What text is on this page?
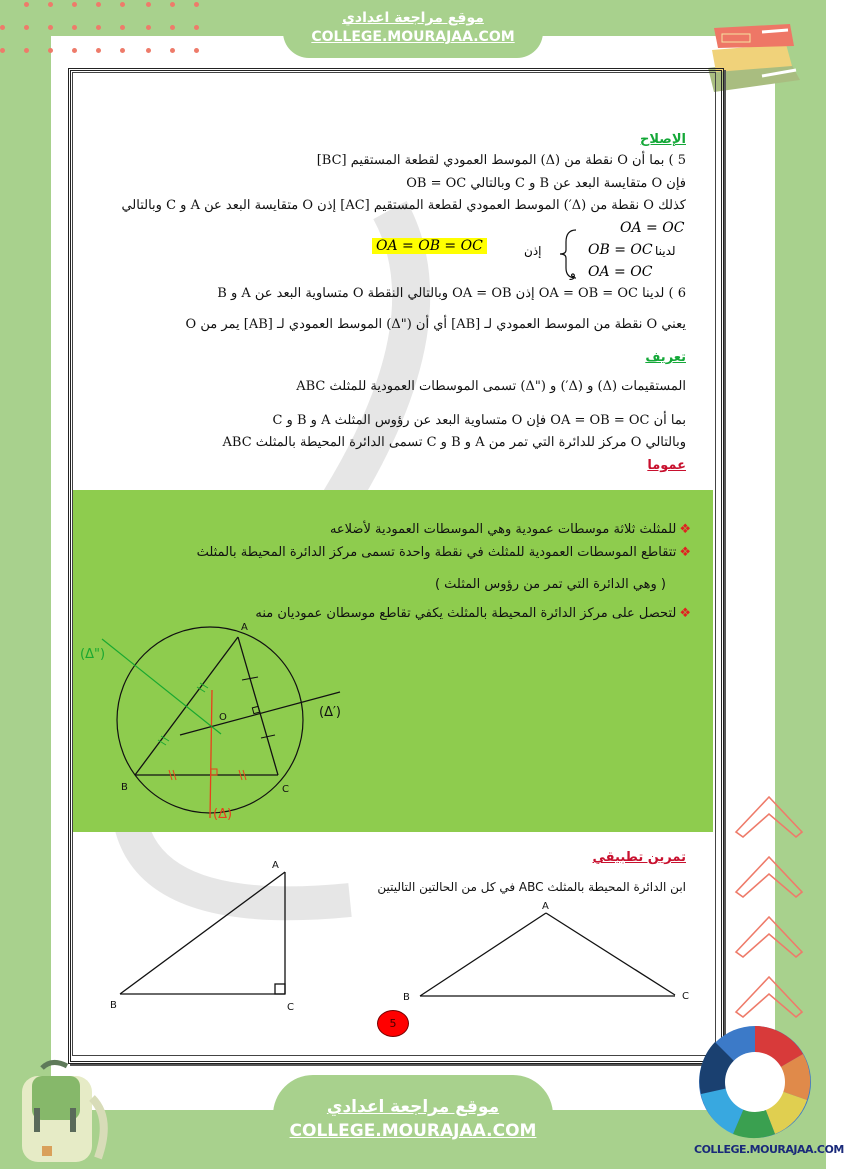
موقع مراجعة اعدادي
COLLEGE.MOURAJAA.COM
الإصلاح
5 ) بما أن O نقطة من (Δ) الموسط العمودي لقطعة المستقيم [BC]
فإن O متقايسة البعد عن B و C وبالتالي OB = OC
كذلك O نقطة من (Δ′) الموسط العمودي لقطعة المستقيم [AC] إذن O متقايسة البعد عن A و C وبالتالي
OA = OC
لدينا
OB = OC
و OA = OC
إذن
OA = OB = OC
6 ) لدينا OA = OB = OC إذن OA = OB وبالتالي النقطة O متساوية البعد عن A و B
يعني O نقطة من الموسط العمودي لـ [AB] أي أن ("Δ) الموسط العمودي لـ [AB] يمر من O
تعريف
المستقيمات (Δ) و (Δ′) و ("Δ) تسمى الموسطات العمودية للمثلث ABC
بما أن OA = OB = OC فإن O متساوية البعد عن رؤوس المثلث A و B و C
وبالتالي O مركز للدائرة التي تمر من A و B و C تسمى الدائرة المحيطة بالمثلث ABC
عموما
❖للمثلث ثلاثة موسطات عمودية وهي الموسطات العمودية لأضلاعه
❖تتقاطع الموسطات العمودية للمثلث في نقطة واحدة تسمى مركز الدائرة المحيطة بالمثلث
( وهي الدائرة التي تمر من رؤوس المثلث )
❖لتحصل على مركز الدائرة المحيطة بالمثلث يكفي تقاطع موسطان عموديان منه
A
B	C
O
(Δ)
(Δ′)
(Δ")
تمرين تطبيقي
ابن الدائرة المحيطة بالمثلث ABC في كل من الحالتين التاليتين
A
B	C
A
B	C
5
موقع مراجعة اعدادي
COLLEGE.MOURAJAA.COM
COLLEGE.MOURAJAA.COM
